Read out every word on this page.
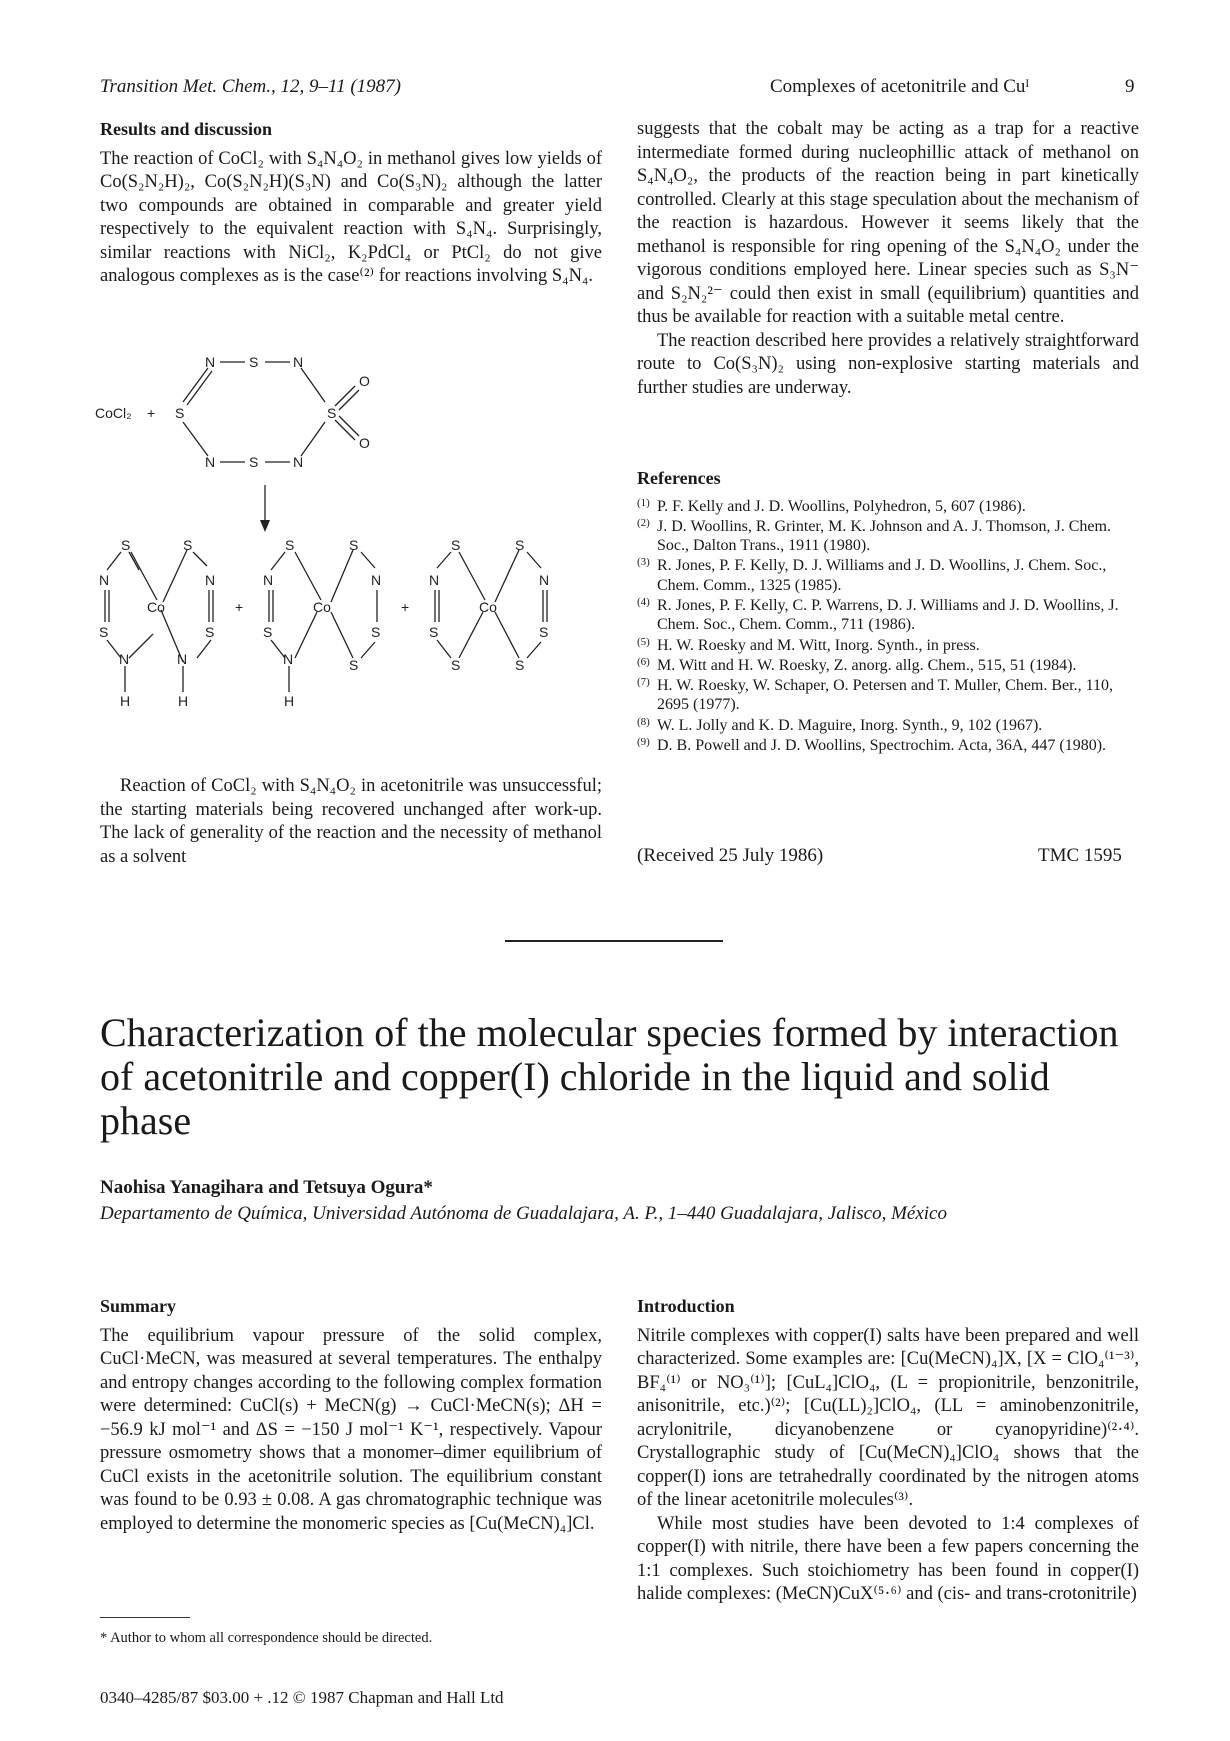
Transition Met. Chem., 12, 9–11 (1987)	Complexes of acetonitrile and Cuᴵ	9
Results and discussion

The reaction of CoCl₂ with S₄N₄O₂ in methanol gives low yields of Co(S₂N₂H)₂, Co(S₂N₂H)(S₃N) and Co(S₃N)₂ although the latter two compounds are obtained in comparable and greater yield respectively to the equivalent reaction with S₄N₄. Surprisingly, similar reactions with NiCl₂, K₂PdCl₄ or PtCl₂ do not give analogous complexes as is the case⁽²⁾ for reactions involving S₄N₄.

CoCl₂ +
N S N
S	S
O
O
N S N
S	S
N	N
Co
S	S
N	N
H	H
+
S	S
N	N
Co
S	S
N	S
H
+
S	S
N	N
Co
S	S
S	S

Reaction of CoCl₂ with S₄N₄O₂ in acetonitrile was unsuccessful; the starting materials being recovered unchanged after work-up. The lack of generality of the reaction and the necessity of methanol as a solvent

suggests that the cobalt may be acting as a trap for a reactive intermediate formed during nucleophillic attack of methanol on S₄N₄O₂, the products of the reaction being in part kinetically controlled. Clearly at this stage speculation about the mechanism of the reaction is hazardous. However it seems likely that the methanol is responsible for ring opening of the S₄N₄O₂ under the vigorous conditions employed here. Linear species such as S₃N⁻ and S₂N₂²⁻ could then exist in small (equilibrium) quantities and thus be available for reaction with a suitable metal centre.

The reaction described here provides a relatively straightforward route to Co(S₃N)₂ using non-explosive starting materials and further studies are underway.

References
(1) P. F. Kelly and J. D. Woollins, Polyhedron, 5, 607 (1986).
(2) J. D. Woollins, R. Grinter, M. K. Johnson and A. J. Thomson, J. Chem. Soc., Dalton Trans., 1911 (1980).
(3) R. Jones, P. F. Kelly, D. J. Williams and J. D. Woollins, J. Chem. Soc., Chem. Comm., 1325 (1985).
(4) R. Jones, P. F. Kelly, C. P. Warrens, D. J. Williams and J. D. Woollins, J. Chem. Soc., Chem. Comm., 711 (1986).
(5) H. W. Roesky and M. Witt, Inorg. Synth., in press.
(6) M. Witt and H. W. Roesky, Z. anorg. allg. Chem., 515, 51 (1984).
(7) H. W. Roesky, W. Schaper, O. Petersen and T. Muller, Chem. Ber., 110, 2695 (1977).
(8) W. L. Jolly and K. D. Maguire, Inorg. Synth., 9, 102 (1967).
(9) D. B. Powell and J. D. Woollins, Spectrochim. Acta, 36A, 447 (1980).
(Received 25 July 1986)	TMC 1595
Characterization of the molecular species formed by interaction of acetonitrile and copper(I) chloride in the liquid and solid phase
Naohisa Yanagihara and Tetsuya Ogura*
Departamento de Química, Universidad Autónoma de Guadalajara, A. P., 1–440 Guadalajara, Jalisco, México
Summary

The equilibrium vapour pressure of the solid complex, CuCl·MeCN, was measured at several temperatures. The enthalpy and entropy changes according to the following complex formation were determined: CuCl(s) + MeCN(g) → CuCl·MeCN(s); ΔH = −56.9 kJ mol⁻¹ and ΔS = −150 J mol⁻¹ K⁻¹, respectively. Vapour pressure osmometry shows that a monomer–dimer equilibrium of CuCl exists in the acetonitrile solution. The equilibrium constant was found to be 0.93 ± 0.08. A gas chromatographic technique was employed to determine the monomeric species as [Cu(MeCN)₄]Cl.

Introduction

Nitrile complexes with copper(I) salts have been prepared and well characterized. Some examples are: [Cu(MeCN)₄]X, [X = ClO₄⁽¹⁻³⁾, BF₄⁽¹⁾ or NO₃⁽¹⁾]; [CuL₄]ClO₄, (L = propionitrile, benzonitrile, anisonitrile, etc.)⁽²⁾; [Cu(LL)₂]ClO₄, (LL = aminobenzonitrile, acrylonitrile, dicyanobenzene or cyanopyridine)⁽²·⁴⁾. Crystallographic study of [Cu(MeCN)₄]ClO₄ shows that the copper(I) ions are tetrahedrally coordinated by the nitrogen atoms of the linear acetonitrile molecules⁽³⁾.

While most studies have been devoted to 1:4 complexes of copper(I) with nitrile, there have been a few papers concerning the 1:1 complexes. Such stoichiometry has been found in copper(I) halide complexes: (MeCN)CuX⁽⁵·⁶⁾ and (cis- and trans-crotonitrile)

* Author to whom all correspondence should be directed.
0340–4285/87 $03.00 + .12 © 1987 Chapman and Hall Ltd
